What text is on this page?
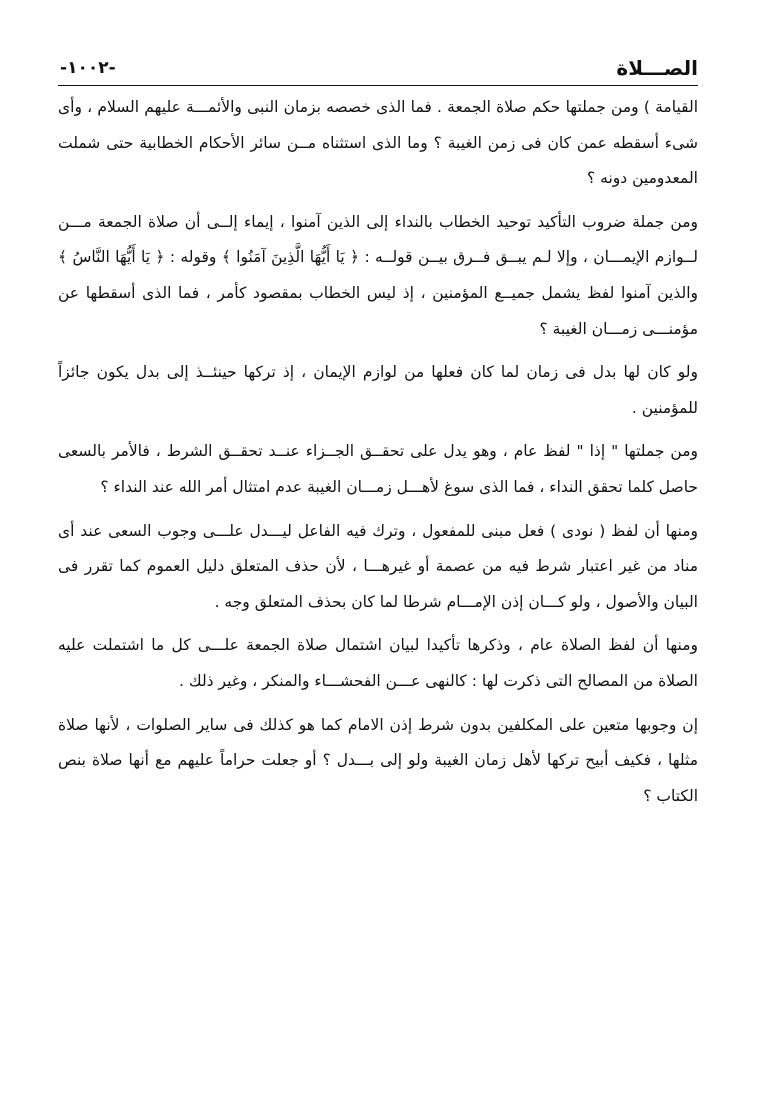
الصـــلاة
-١٠٠٢-

القيامة ) ومن جملتها حكم صلاة الجمعة . فما الذى خصصه بزمان النبى والأئمـــة عليهم السلام ، وأى شىء أسقطه عمن كان فى زمن الغيبة ؟ وما الذى استثناه مــن سائر الأحكام الخطابية حتى شملت المعدومين دونه ؟

ومن جملة ضروب التأكيد توحيد الخطاب بالنداء إلى الذين آمنوا ، إيماء إلــى أن صلاة الجمعة مـــن لــوازم الإيمـــان ، وإلا لـم يبــق فــرق بيــن قولــه : ﴿ يَا أَيُّهَا الَّذِينَ آمَنُوا ﴾ وقوله : ﴿ يَا أَيُّهَا النَّاسُ ﴾ والذين آمنوا لفظ يشمل جميــع المؤمنين ، إذ ليس الخطاب بمقصود كأمر ، فما الذى أسقطها عن مؤمنـــى زمـــان الغيبة ؟

ولو كان لها بدل فى زمان لما كان فعلها من لوازم الإيمان ، إذ تركها حينئــذ إلى بدل يكون جائزاً للمؤمنين .

ومن جملتها " إذا " لفظ عام ، وهو يدل على تحقــق الجــزاء عنــد تحقــق الشرط ، فالأمر بالسعى حاصل كلما تحقق النداء ، فما الذى سوغ لأهـــل زمـــان الغيبة عدم امتثال أمر الله عند النداء ؟

ومنها أن لفظ ( نودى ) فعل مبنى للمفعول ، وترك فيه الفاعل ليـــدل علـــى وجوب السعى عند أى مناد من غير اعتبار شرط فيه من عصمة أو غيرهـــا ، لأن حذف المتعلق دليل العموم كما تقرر فى البيان والأصول ، ولو كـــان إذن الإمـــام شرطا لما كان بحذف المتعلق وجه .

ومنها أن لفظ الصلاة عام ، وذكرها تأكيدا لبيان اشتمال صلاة الجمعة علـــى كل ما اشتملت عليه الصلاة من المصالح التى ذكرت لها : كالنهى عـــن الفحشـــاء والمنكر ، وغير ذلك .

إن وجوبها متعين على المكلفين بدون شرط إذن الامام كما هو كذلك فى ساير الصلوات ، لأنها صلاة مثلها ، فكيف أبيح تركها لأهل زمان الغيبة ولو إلى بـــدل ؟ أو جعلت حراماً عليهم مع أنها صلاة بنص الكتاب ؟
